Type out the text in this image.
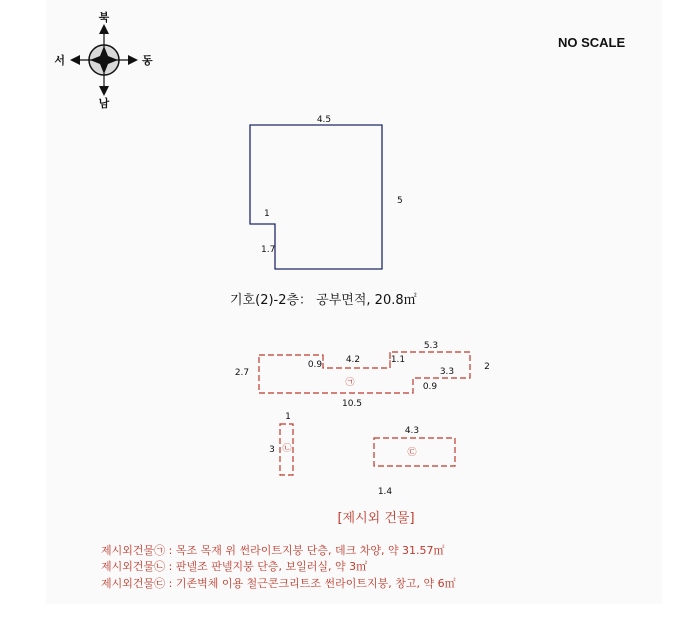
북
남
서	동
NO SCALE
4.5
5
1
1.7
기호(2)-2층： 공부면적, 20.8㎡
5.3
4.2	1.1
0.9
2.7
2
3.3
0.9
10.5
㉠
1
3 ㉡
4.3
1.4
㉢
[제시외 건물]
제시외건물㉠ : 목조 목재 위 썬라이트지붕 단층, 데크 차양, 약 31.57㎡
제시외건물㉡ : 판넬조 판넬지붕 단층, 보일러실, 약 3㎡
제시외건물㉢ : 기존벽체 이용 철근콘크리트조 썬라이트지붕, 창고, 약 6㎡
